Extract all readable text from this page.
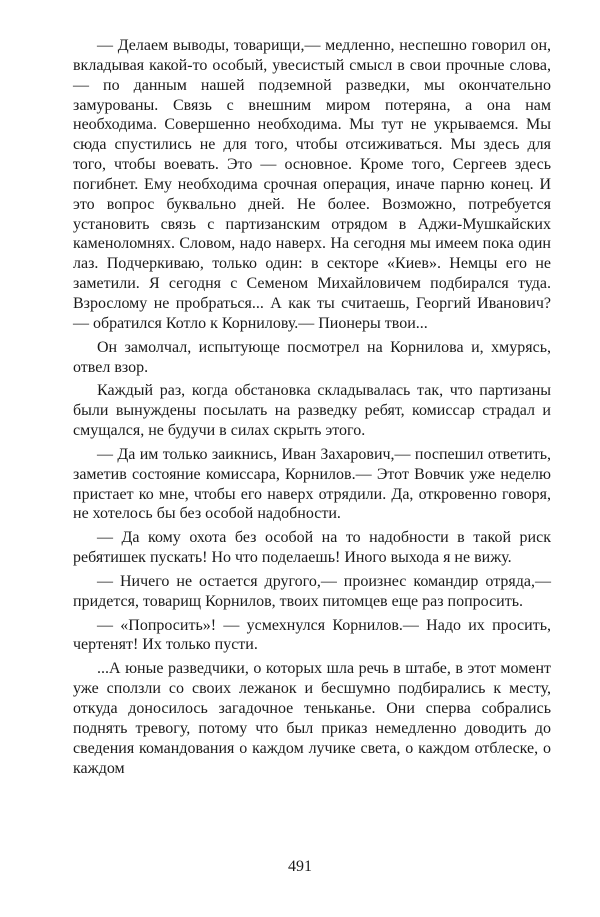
— Делаем выводы, товарищи,— медленно, неспешно говорил он, вкладывая какой-то особый, увесистый смысл в свои прочные слова,— по данным нашей подземной разведки, мы окончательно замурованы. Связь с внешним миром потеряна, а она нам необходима. Совершенно необходима. Мы тут не укрываемся. Мы сюда спустились не для того, чтобы отсиживаться. Мы здесь для того, чтобы воевать. Это — основное. Кроме того, Сергеев здесь погибнет. Ему необходима срочная операция, иначе парню конец. И это вопрос буквально дней. Не более. Возможно, потребуется установить связь с партизанским отрядом в Аджи-Мушкайских каменоломнях. Словом, надо наверх. На сегодня мы имеем пока один лаз. Подчеркиваю, только один: в секторе «Киев». Немцы его не заметили. Я сегодня с Семеном Михайловичем подбирался туда. Взрослому не пробраться... А как ты считаешь, Георгий Иванович? — обратился Котло к Корнилову.— Пионеры твои...

Он замолчал, испытующе посмотрел на Корнилова и, хмурясь, отвел взор.

Каждый раз, когда обстановка складывалась так, что партизаны были вынуждены посылать на разведку ребят, комиссар страдал и смущался, не будучи в силах скрыть этого.

— Да им только заикнись, Иван Захарович,— поспешил ответить, заметив состояние комиссара, Корнилов.— Этот Вовчик уже неделю пристает ко мне, чтобы его наверх отрядили. Да, откровенно говоря, не хотелось бы без особой надобности.

— Да кому охота без особой на то надобности в такой риск ребятишек пускать! Но что поделаешь! Иного выхода я не вижу.

— Ничего не остается другого,— произнес командир отряда,— придется, товарищ Корнилов, твоих питомцев еще раз попросить.

— «Попросить»! — усмехнулся Корнилов.— Надо их просить, чертенят! Их только пусти.

...А юные разведчики, о которых шла речь в штабе, в этот момент уже сползли со своих лежанок и бесшумно подбирались к месту, откуда доносилось загадочное теньканье. Они сперва собрались поднять тревогу, потому что был приказ немедленно доводить до сведения командования о каждом лучике света, о каждом отблеске, о каждом

491
